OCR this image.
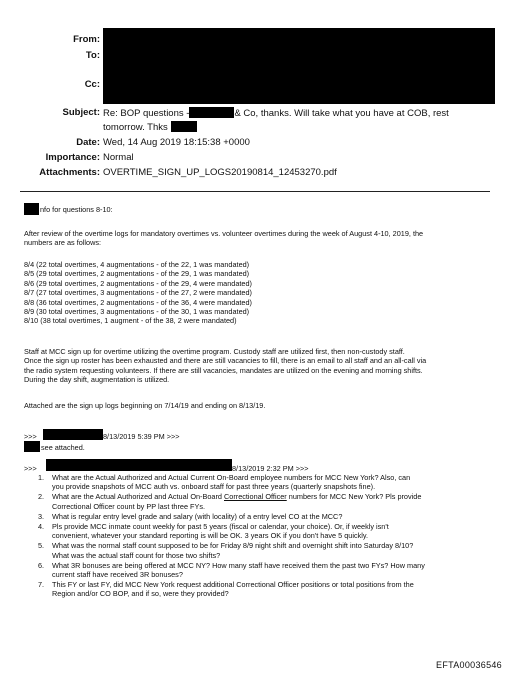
From:
To:
Cc:
Subject: Re: BOP questions -	& Co, thanks. Will take what you have at COB, rest
tomorrow. Thks
Date: Wed, 14 Aug 2019 18:15:38 +0000
Importance: Normal
Attachments: OVERTIME_SIGN_UP_LOGS20190814_12453270.pdf
nfo for questions 8-10:
After review of the overtime logs for mandatory overtimes vs. volunteer overtimes during the week of August 4-10, 2019, the
numbers are as follows:
8/4 (22 total overtimes, 4 augmentations - of the 22, 1 was mandated)
8/5 (29 total overtimes, 2 augmentations - of the 29, 1 was mandated)
8/6 (29 total overtimes, 2 augmentations - of the 29, 4 were mandated)
8/7 (27 total overtimes, 3 augmentations - of the 27, 2 were mandated)
8/8 (36 total overtimes, 2 augmentations - of the 36, 4 were mandated)
8/9 (30 total overtimes, 3 augmentations - of the 30, 1 was mandated)
8/10 (38 total overtimes, 1 augment - of the 38, 2 were mandated)
Staff at MCC sign up for overtime utilizing the overtime program. Custody staff are utilized first, then non-custody staff.
Once the sign up roster has been exhausted and there are still vacancies to fill, there is an email to all staff and an all-call via
the radio system requesting volunteers. If there are still vacancies, mandates are utilized on the evening and morning shifts.
During the day shift, augmentation is utilized.
Attached are the sign up logs beginning on 7/14/19 and ending on 8/13/19.
>>>	8/13/2019 5:39 PM >>>
see attached.
>>>	8/13/2019 2:32 PM >>>
1. What are the Actual Authorized and Actual Current On-Board employee numbers for MCC New York? Also, can
you provide snapshots of MCC auth vs. onboard staff for past three years (quarterly snapshots fine).
2. What are the Actual Authorized and Actual On-Board Correctional Officer numbers for MCC New York? Pls provide
Correctional Officer count by PP last three FYs.
3. What is regular entry level grade and salary (with locality) of a entry level CO at the MCC?
4. Pls provide MCC inmate count weekly for past 5 years (fiscal or calendar, your choice). Or, if weekly isn't
convenient, whatever your standard reporting is will be OK. 3 years OK if you don't have 5 quickly.
5. What was the normal staff count supposed to be for Friday 8/9 night shift and overnight shift into Saturday 8/10?
What was the actual staff count for those two shifts?
6. What 3R bonuses are being offered at MCC NY? How many staff have received them the past two FYs? How many
current staff have received 3R bonuses?
7. This FY or last FY, did MCC New York request additional Correctional Officer positions or total positions from the
Region and/or CO BOP, and if so, were they provided?
EFTA00036546
